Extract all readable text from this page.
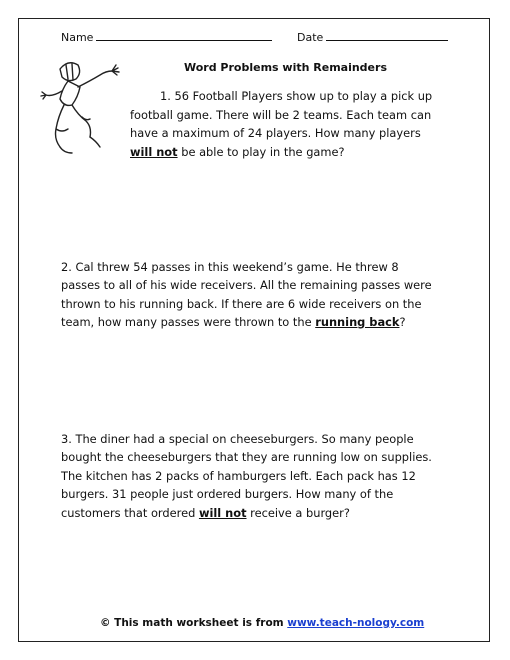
Name	Date
Word Problems with Remainders
1. 56 Football Players show up to play a pick up
football game. There will be 2 teams. Each team can
have a maximum of 24 players. How many players
will not be able to play in the game?
2. Cal threw 54 passes in this weekend’s game. He threw 8
passes to all of his wide receivers. All the remaining passes were
thrown to his running back. If there are 6 wide receivers on the
team, how many passes were thrown to the running back?
3. The diner had a special on cheeseburgers. So many people
bought the cheeseburgers that they are running low on supplies.
The kitchen has 2 packs of hamburgers left. Each pack has 12
burgers. 31 people just ordered burgers. How many of the
customers that ordered will not receive a burger?
© This math worksheet is from www.teach-nology.com
